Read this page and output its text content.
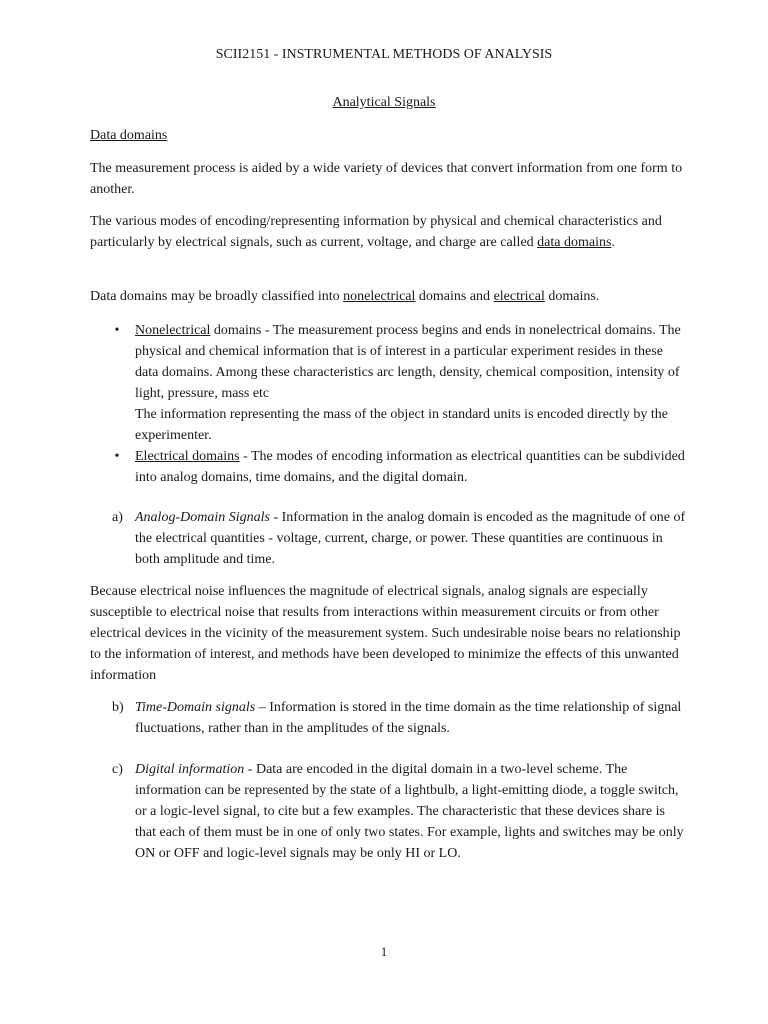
SCII2151 - INSTRUMENTAL METHODS OF ANALYSIS
Analytical Signals

Data domains

The measurement process is aided by a wide variety of devices that convert information from one form to another.

The various modes of encoding/representing information by physical and chemical characteristics and particularly by electrical signals, such as current, voltage, and charge are called data domains.

Data domains may be broadly classified into nonelectrical domains and electrical domains.

• Nonelectrical domains - The measurement process begins and ends in nonelectrical domains. The physical and chemical information that is of interest in a particular experiment resides in these data domains. Among these characteristics arc length, density, chemical composition, intensity of light, pressure, mass etc
The information representing the mass of the object in standard units is encoded directly by the experimenter.
• Electrical domains - The modes of encoding information as electrical quantities can be subdivided into analog domains, time domains, and the digital domain.
a) Analog-Domain Signals - Information in the analog domain is encoded as the magnitude of one of the electrical quantities - voltage, current, charge, or power. These quantities are continuous in both amplitude and time.

Because electrical noise influences the magnitude of electrical signals, analog signals are especially susceptible to electrical noise that results from interactions within measurement circuits or from other electrical devices in the vicinity of the measurement system. Such undesirable noise bears no relationship to the information of interest, and methods have been developed to minimize the effects of this unwanted information

b) Time-Domain signals – Information is stored in the time domain as the time relationship of signal fluctuations, rather than in the amplitudes of the signals.
c) Digital information - Data are encoded in the digital domain in a two-level scheme. The information can be represented by the state of a lightbulb, a light-emitting diode, a toggle switch, or a logic-level signal, to cite but a few examples. The characteristic that these devices share is that each of them must be in one of only two states. For example, lights and switches may be only ON or OFF and logic-level signals may be only HI or LO.
1
